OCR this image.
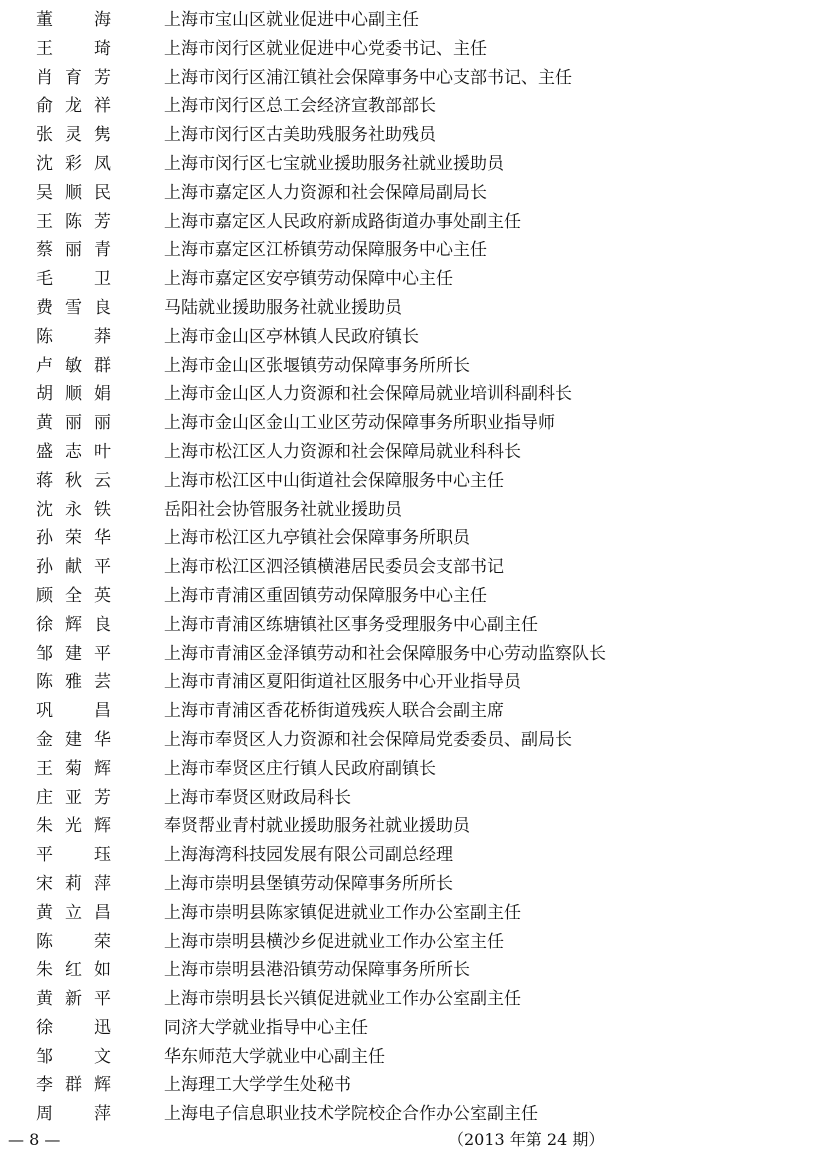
董　海	上海市宝山区就业促进中心副主任
王　琦	上海市闵行区就业促进中心党委书记、主任
肖育芳	上海市闵行区浦江镇社会保障事务中心支部书记、主任
俞龙祥	上海市闵行区总工会经济宣教部部长
张灵隽	上海市闵行区古美助残服务社助残员
沈彩凤	上海市闵行区七宝就业援助服务社就业援助员
吴顺民	上海市嘉定区人力资源和社会保障局副局长
王陈芳	上海市嘉定区人民政府新成路街道办事处副主任
蔡丽青	上海市嘉定区江桥镇劳动保障服务中心主任
毛　卫	上海市嘉定区安亭镇劳动保障中心主任
费雪良	马陆就业援助服务社就业援助员
陈　莽	上海市金山区亭林镇人民政府镇长
卢敏群	上海市金山区张堰镇劳动保障事务所所长
胡顺娟	上海市金山区人力资源和社会保障局就业培训科副科长
黄丽丽	上海市金山区金山工业区劳动保障事务所职业指导师
盛志叶	上海市松江区人力资源和社会保障局就业科科长
蒋秋云	上海市松江区中山街道社会保障服务中心主任
沈永铁	岳阳社会协管服务社就业援助员
孙荣华	上海市松江区九亭镇社会保障事务所职员
孙献平	上海市松江区泗泾镇横港居民委员会支部书记
顾全英	上海市青浦区重固镇劳动保障服务中心主任
徐辉良	上海市青浦区练塘镇社区事务受理服务中心副主任
邹建平	上海市青浦区金泽镇劳动和社会保障服务中心劳动监察队长
陈雅芸	上海市青浦区夏阳街道社区服务中心开业指导员
巩　昌	上海市青浦区香花桥街道残疾人联合会副主席
金建华	上海市奉贤区人力资源和社会保障局党委委员、副局长
王菊辉	上海市奉贤区庄行镇人民政府副镇长
庄亚芳	上海市奉贤区财政局科长
朱光辉	奉贤帮业青村就业援助服务社就业援助员
平　珏	上海海湾科技园发展有限公司副总经理
宋莉萍	上海市崇明县堡镇劳动保障事务所所长
黄立昌	上海市崇明县陈家镇促进就业工作办公室副主任
陈　荣	上海市崇明县横沙乡促进就业工作办公室主任
朱红如	上海市崇明县港沿镇劳动保障事务所所长
黄新平	上海市崇明县长兴镇促进就业工作办公室副主任
徐　迅	同济大学就业指导中心主任
邹　文	华东师范大学就业中心副主任
李群辉	上海理工大学学生处秘书
周　萍	上海电子信息职业技术学院校企合作办公室副主任
— 8 —	（2013 年第 24 期）
